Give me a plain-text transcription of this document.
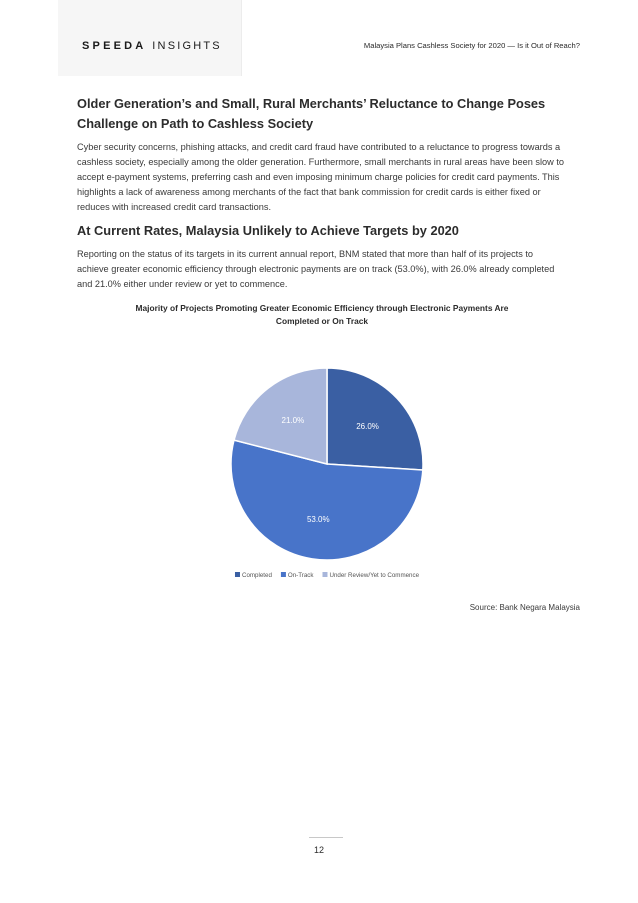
SPEEDA INSIGHTS	Malaysia Plans Cashless Society for 2020 — Is it Out of Reach?
Older Generation’s and Small, Rural Merchants’ Reluctance to Change Poses Challenge on Path to Cashless Society

Cyber security concerns, phishing attacks, and credit card fraud have contributed to a reluctance to progress towards a cashless society, especially among the older generation. Furthermore, small merchants in rural areas have been slow to accept e-payment systems, preferring cash and even imposing minimum charge policies for credit card payments. This highlights a lack of awareness among merchants of the fact that bank commission for credit cards is either fixed or reduces with increased credit card transactions.

At Current Rates, Malaysia Unlikely to Achieve Targets by 2020

Reporting on the status of its targets in its current annual report, BNM stated that more than half of its projects to achieve greater economic efficiency through electronic payments are on track (53.0%), with 26.0% already completed and 21.0% either under review or yet to commence.

Majority of Projects Promoting Greater Economic Efficiency through Electronic Payments Are Completed or On Track
26.0%
53.0%
21.0%
Completed	On-Track	Under Review/Yet to Commence
Source: Bank Negara Malaysia
12
